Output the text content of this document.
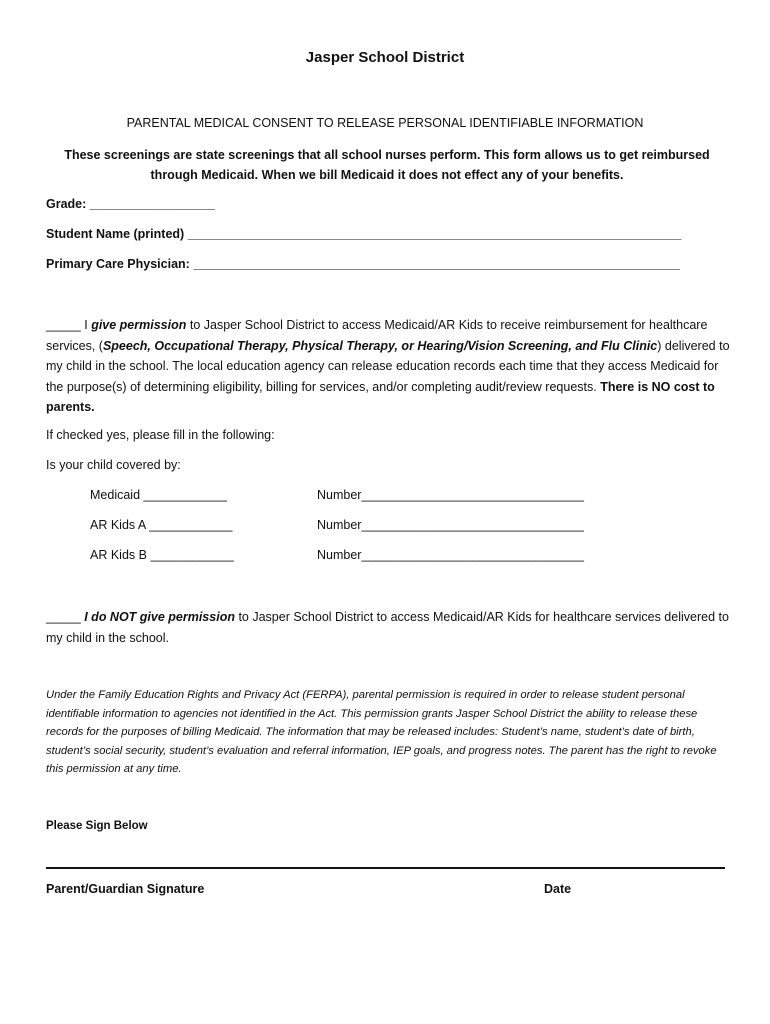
Jasper School District
PARENTAL MEDICAL CONSENT TO RELEASE PERSONAL IDENTIFIABLE INFORMATION
These screenings are state screenings that all school nurses perform. This form allows us to get reimbursed through Medicaid. When we bill Medicaid it does not effect any of your benefits.
Grade: __________________
Student Name (printed) _______________________________________________________________________
Primary Care Physician: ______________________________________________________________________
_____ I give permission to Jasper School District to access Medicaid/AR Kids to receive reimbursement for healthcare services, (Speech, Occupational Therapy, Physical Therapy, or Hearing/Vision Screening, and Flu Clinic) delivered to my child in the school. The local education agency can release education records each time that they access Medicaid for the purpose(s) of determining eligibility, billing for services, and/or completing audit/review requests. There is NO cost to parents.
If checked yes, please fill in the following:
Is your child covered by:
Medicaid ____________	Number________________________________
AR Kids A ____________	Number________________________________
AR Kids B ____________	Number________________________________
_____ I do NOT give permission to Jasper School District to access Medicaid/AR Kids for healthcare services delivered to my child in the school.
Under the Family Education Rights and Privacy Act (FERPA), parental permission is required in order to release student personal identifiable information to agencies not identified in the Act. This permission grants Jasper School District the ability to release these records for the purposes of billing Medicaid. The information that may be released includes: Student’s name, student’s date of birth, student’s social security, student’s evaluation and referral information, IEP goals, and progress notes. The parent has the right to revoke this permission at any time.
Please Sign Below
Parent/Guardian Signature	Date
